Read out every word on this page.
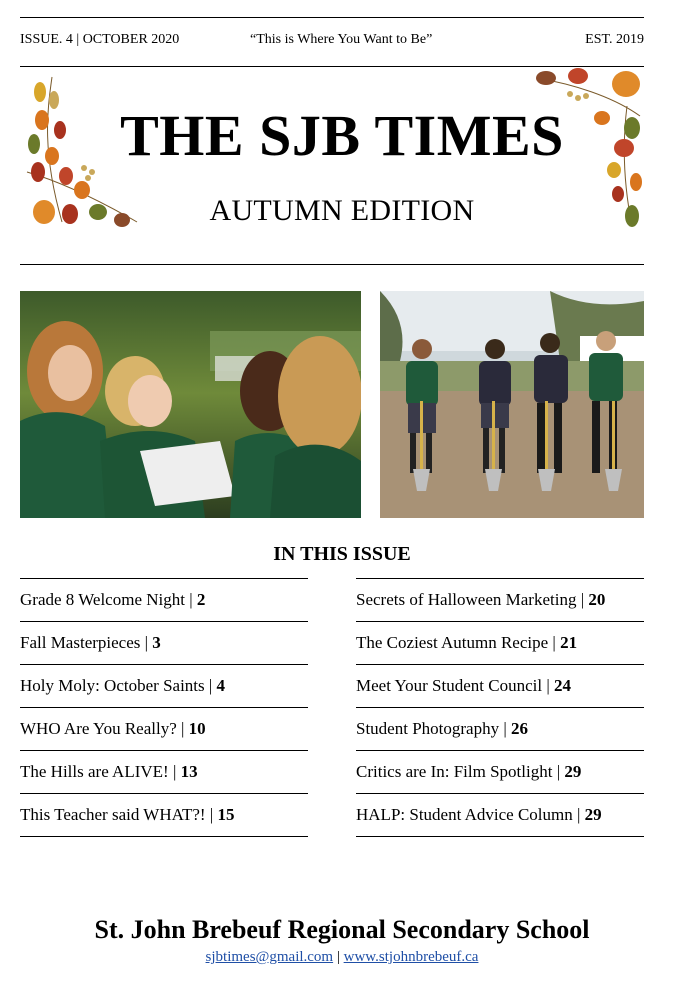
ISSUE. 4 | OCTOBER 2020	“This is Where You Want to Be”	EST. 2019
THE SJB TIMES
AUTUMN EDITION
IN THIS ISSUE
Grade 8 Welcome Night | 2
Fall Masterpieces | 3
Holy Moly: October Saints | 4
WHO Are You Really? | 10
The Hills are ALIVE! | 13
This Teacher said WHAT?! | 15
Secrets of Halloween Marketing | 20
The Coziest Autumn Recipe | 21
Meet Your Student Council | 24
Student Photography | 26
Critics are In: Film Spotlight | 29
HALP: Student Advice Column | 29
St. John Brebeuf Regional Secondary School
sjbtimes@gmail.com | www.stjohnbrebeuf.ca
